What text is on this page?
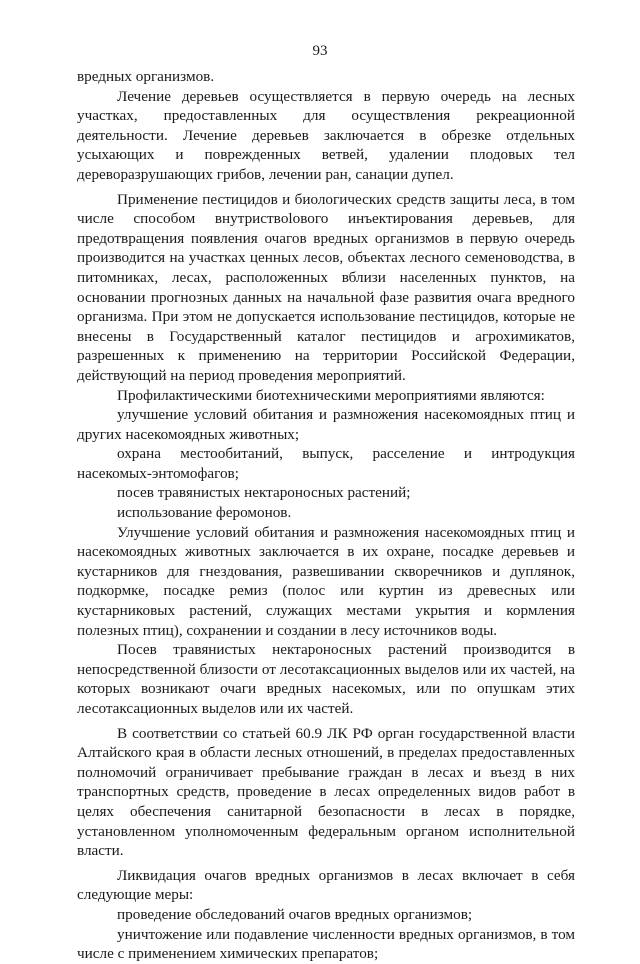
93

вредных организмов.

Лечение деревьев осуществляется в первую очередь на лесных участках, предоставленных для осуществления рекреационной деятельности. Лечение деревьев заключается в обрезке отдельных усыхающих и поврежденных ветвей, удалении плодовых тел дереворазрушающих грибов, лечении ран, санации дупел.

Применение пестицидов и биологических средств защиты леса, в том числе способом внутриствolового инъектирования деревьев, для предотвращения появления очагов вредных организмов в первую очередь производится на участках ценных лесов, объектах лесного семеноводства, в питомниках, лесах, расположенных вблизи населенных пунктов, на основании прогнозных данных на начальной фазе развития очага вредного организма. При этом не допускается использование пестицидов, которые не внесены в Государственный каталог пестицидов и агрохимикатов, разрешенных к применению на территории Российской Федерации, действующий на период проведения мероприятий.

Профилактическими биотехническими мероприятиями являются:

улучшение условий обитания и размножения насекомоядных птиц и других насекомоядных животных;

охрана местообитаний, выпуск, расселение и интродукция насекомых-энтомофагов;

посев травянистых нектароносных растений;

использование феромонов.

Улучшение условий обитания и размножения насекомоядных птиц и насекомоядных животных заключается в их охране, посадке деревьев и кустарников для гнездования, развешивании скворечников и дуплянок, подкормке, посадке ремиз (полос или куртин из древесных или кустарниковых растений, служащих местами укрытия и кормления полезных птиц), сохранении и создании в лесу источников воды.

Посев травянистых нектароносных растений производится в непосредственной близости от лесотаксационных выделов или их частей, на которых возникают очаги вредных насекомых, или по опушкам этих лесотаксационных выделов или их частей.

В соответствии со статьей 60.9 ЛК РФ орган государственной власти Алтайского края в области лесных отношений, в пределах предоставленных полномочий ограничивает пребывание граждан в лесах и въезд в них транспортных средств, проведение в лесах определенных видов работ в целях обеспечения санитарной безопасности в лесах в порядке, установленном уполномоченным федеральным органом исполнительной власти.

Ликвидация очагов вредных организмов в лесах включает в себя следующие меры:

проведение обследований очагов вредных организмов;

уничтожение или подавление численности вредных организмов, в том числе с применением химических препаратов;
